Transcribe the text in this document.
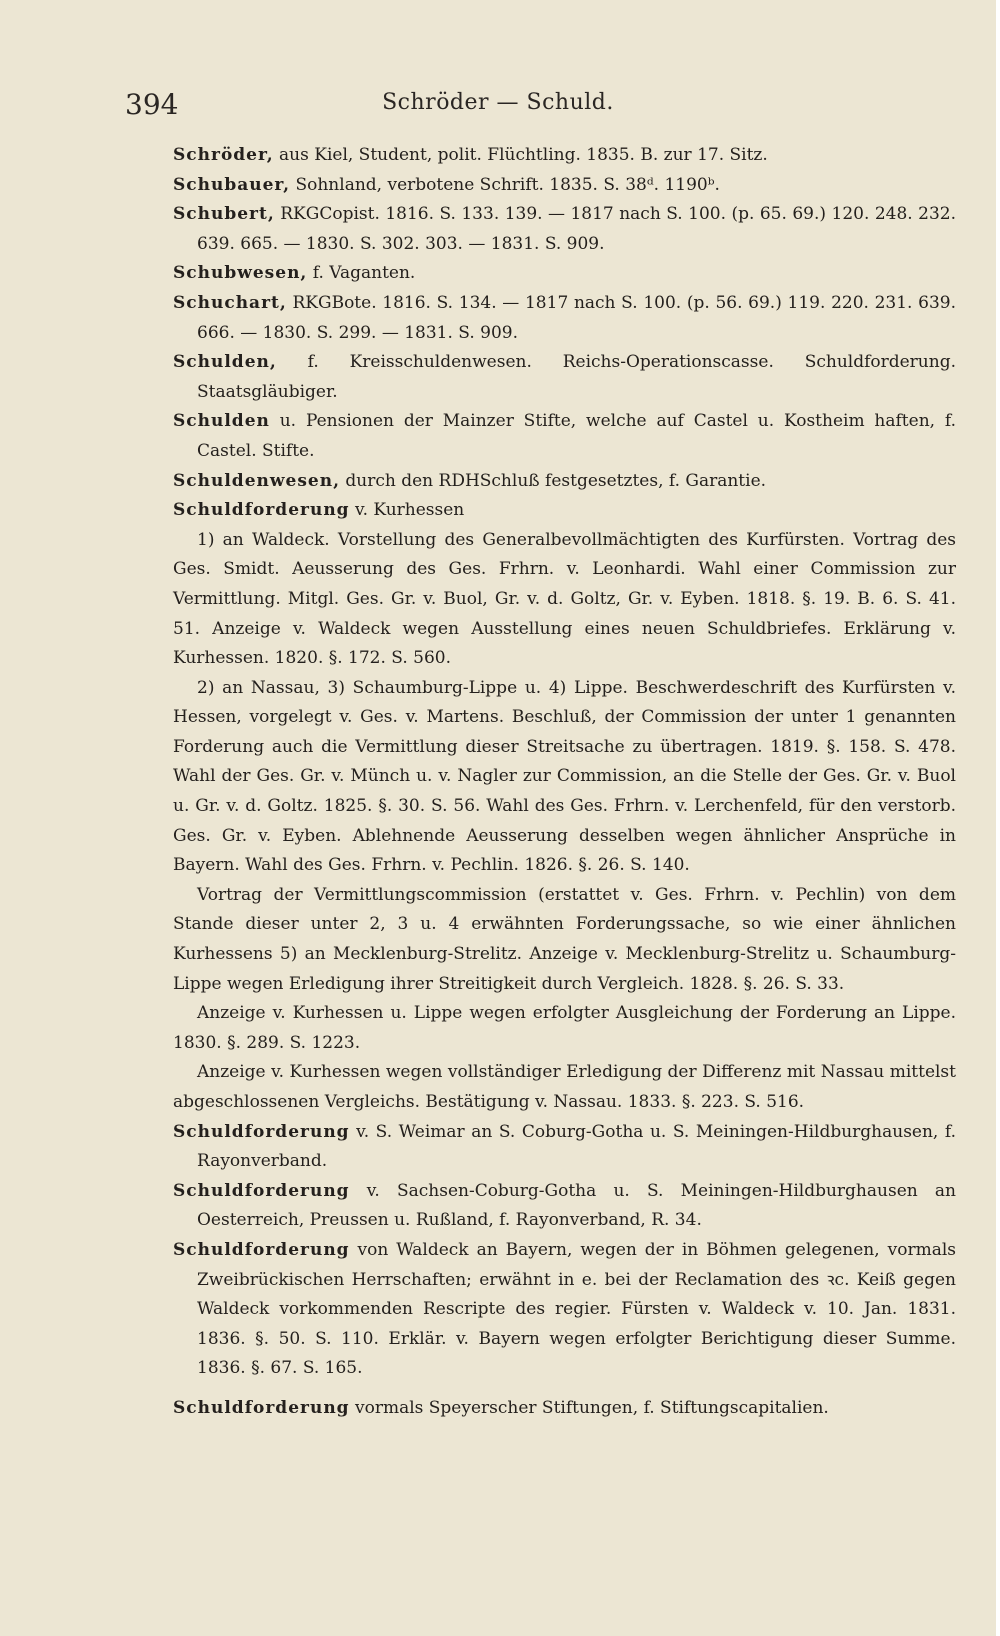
394	Schröder — Schuld.

Schröder, aus Kiel, Student, polit. Flüchtling. 1835. B. zur 17. Sitz.

Schubauer, Sohnland, verbotene Schrift. 1835. S. 38ᵈ. 1190ᵇ.

Schubert, RKGCopist. 1816. S. 133. 139. — 1817 nach S. 100. (p. 65. 69.) 120. 248. 232. 639. 665. — 1830. S. 302. 303. — 1831. S. 909.

Schubwesen, f. Vaganten.

Schuchart, RKGBote. 1816. S. 134. — 1817 nach S. 100. (p. 56. 69.) 119. 220. 231. 639. 666. — 1830. S. 299. — 1831. S. 909.

Schulden, f. Kreisschuldenwesen. Reichs-Operationscasse. Schuldforderung. Staatsgläubiger.

Schulden u. Pensionen der Mainzer Stifte, welche auf Castel u. Kostheim haften, f. Castel. Stifte.

Schuldenwesen, durch den RDHSchluß festgesetztes, f. Garantie.

Schuldforderung v. Kurhessen

1) an Waldeck. Vorstellung des Generalbevollmächtigten des Kurfürsten. Vortrag des Ges. Smidt. Aeusserung des Ges. Frhrn. v. Leonhardi. Wahl einer Commission zur Vermittlung. Mitgl. Ges. Gr. v. Buol, Gr. v. d. Goltz, Gr. v. Eyben. 1818. §. 19. B. 6. S. 41. 51. Anzeige v. Waldeck wegen Ausstellung eines neuen Schuldbriefes. Erklärung v. Kurhessen. 1820. §. 172. S. 560.

2) an Nassau, 3) Schaumburg-Lippe u. 4) Lippe. Beschwerdeschrift des Kurfürsten v. Hessen, vorgelegt v. Ges. v. Martens. Beschluß, der Commission der unter 1 genannten Forderung auch die Vermittlung dieser Streitsache zu übertragen. 1819. §. 158. S. 478. Wahl der Ges. Gr. v. Münch u. v. Nagler zur Commission, an die Stelle der Ges. Gr. v. Buol u. Gr. v. d. Goltz. 1825. §. 30. S. 56. Wahl des Ges. Frhrn. v. Lerchenfeld, für den verstorb. Ges. Gr. v. Eyben. Ablehnende Aeusserung desselben wegen ähnlicher Ansprüche in Bayern. Wahl des Ges. Frhrn. v. Pechlin. 1826. §. 26. S. 140.

Vortrag der Vermittlungscommission (erstattet v. Ges. Frhrn. v. Pechlin) von dem Stande dieser unter 2, 3 u. 4 erwähnten Forderungssache, so wie einer ähnlichen Kurhessens 5) an Mecklenburg-Strelitz. Anzeige v. Mecklenburg-Strelitz u. Schaumburg-Lippe wegen Erledigung ihrer Streitigkeit durch Vergleich. 1828. §. 26. S. 33.

Anzeige v. Kurhessen u. Lippe wegen erfolgter Ausgleichung der Forderung an Lippe. 1830. §. 289. S. 1223.

Anzeige v. Kurhessen wegen vollständiger Erledigung der Differenz mit Nassau mittelst abgeschlossenen Vergleichs. Bestätigung v. Nassau. 1833. §. 223. S. 516.

Schuldforderung v. S. Weimar an S. Coburg-Gotha u. S. Meiningen-Hildburghausen, f. Rayonverband.

Schuldforderung v. Sachsen-Coburg-Gotha u. S. Meiningen-Hildburghausen an Oesterreich, Preussen u. Rußland, f. Rayonverband, R. 34.

Schuldforderung von Waldeck an Bayern, wegen der in Böhmen gelegenen, vormals Zweibrückischen Herrschaften; erwähnt in e. bei der Reclamation des ꝛc. Keiß gegen Waldeck vorkommenden Rescripte des regier. Fürsten v. Waldeck v. 10. Jan. 1831. 1836. §. 50. S. 110. Erklär. v. Bayern wegen erfolgter Berichtigung dieser Summe. 1836. §. 67. S. 165.

Schuldforderung vormals Speyerscher Stiftungen, f. Stiftungscapitalien.
